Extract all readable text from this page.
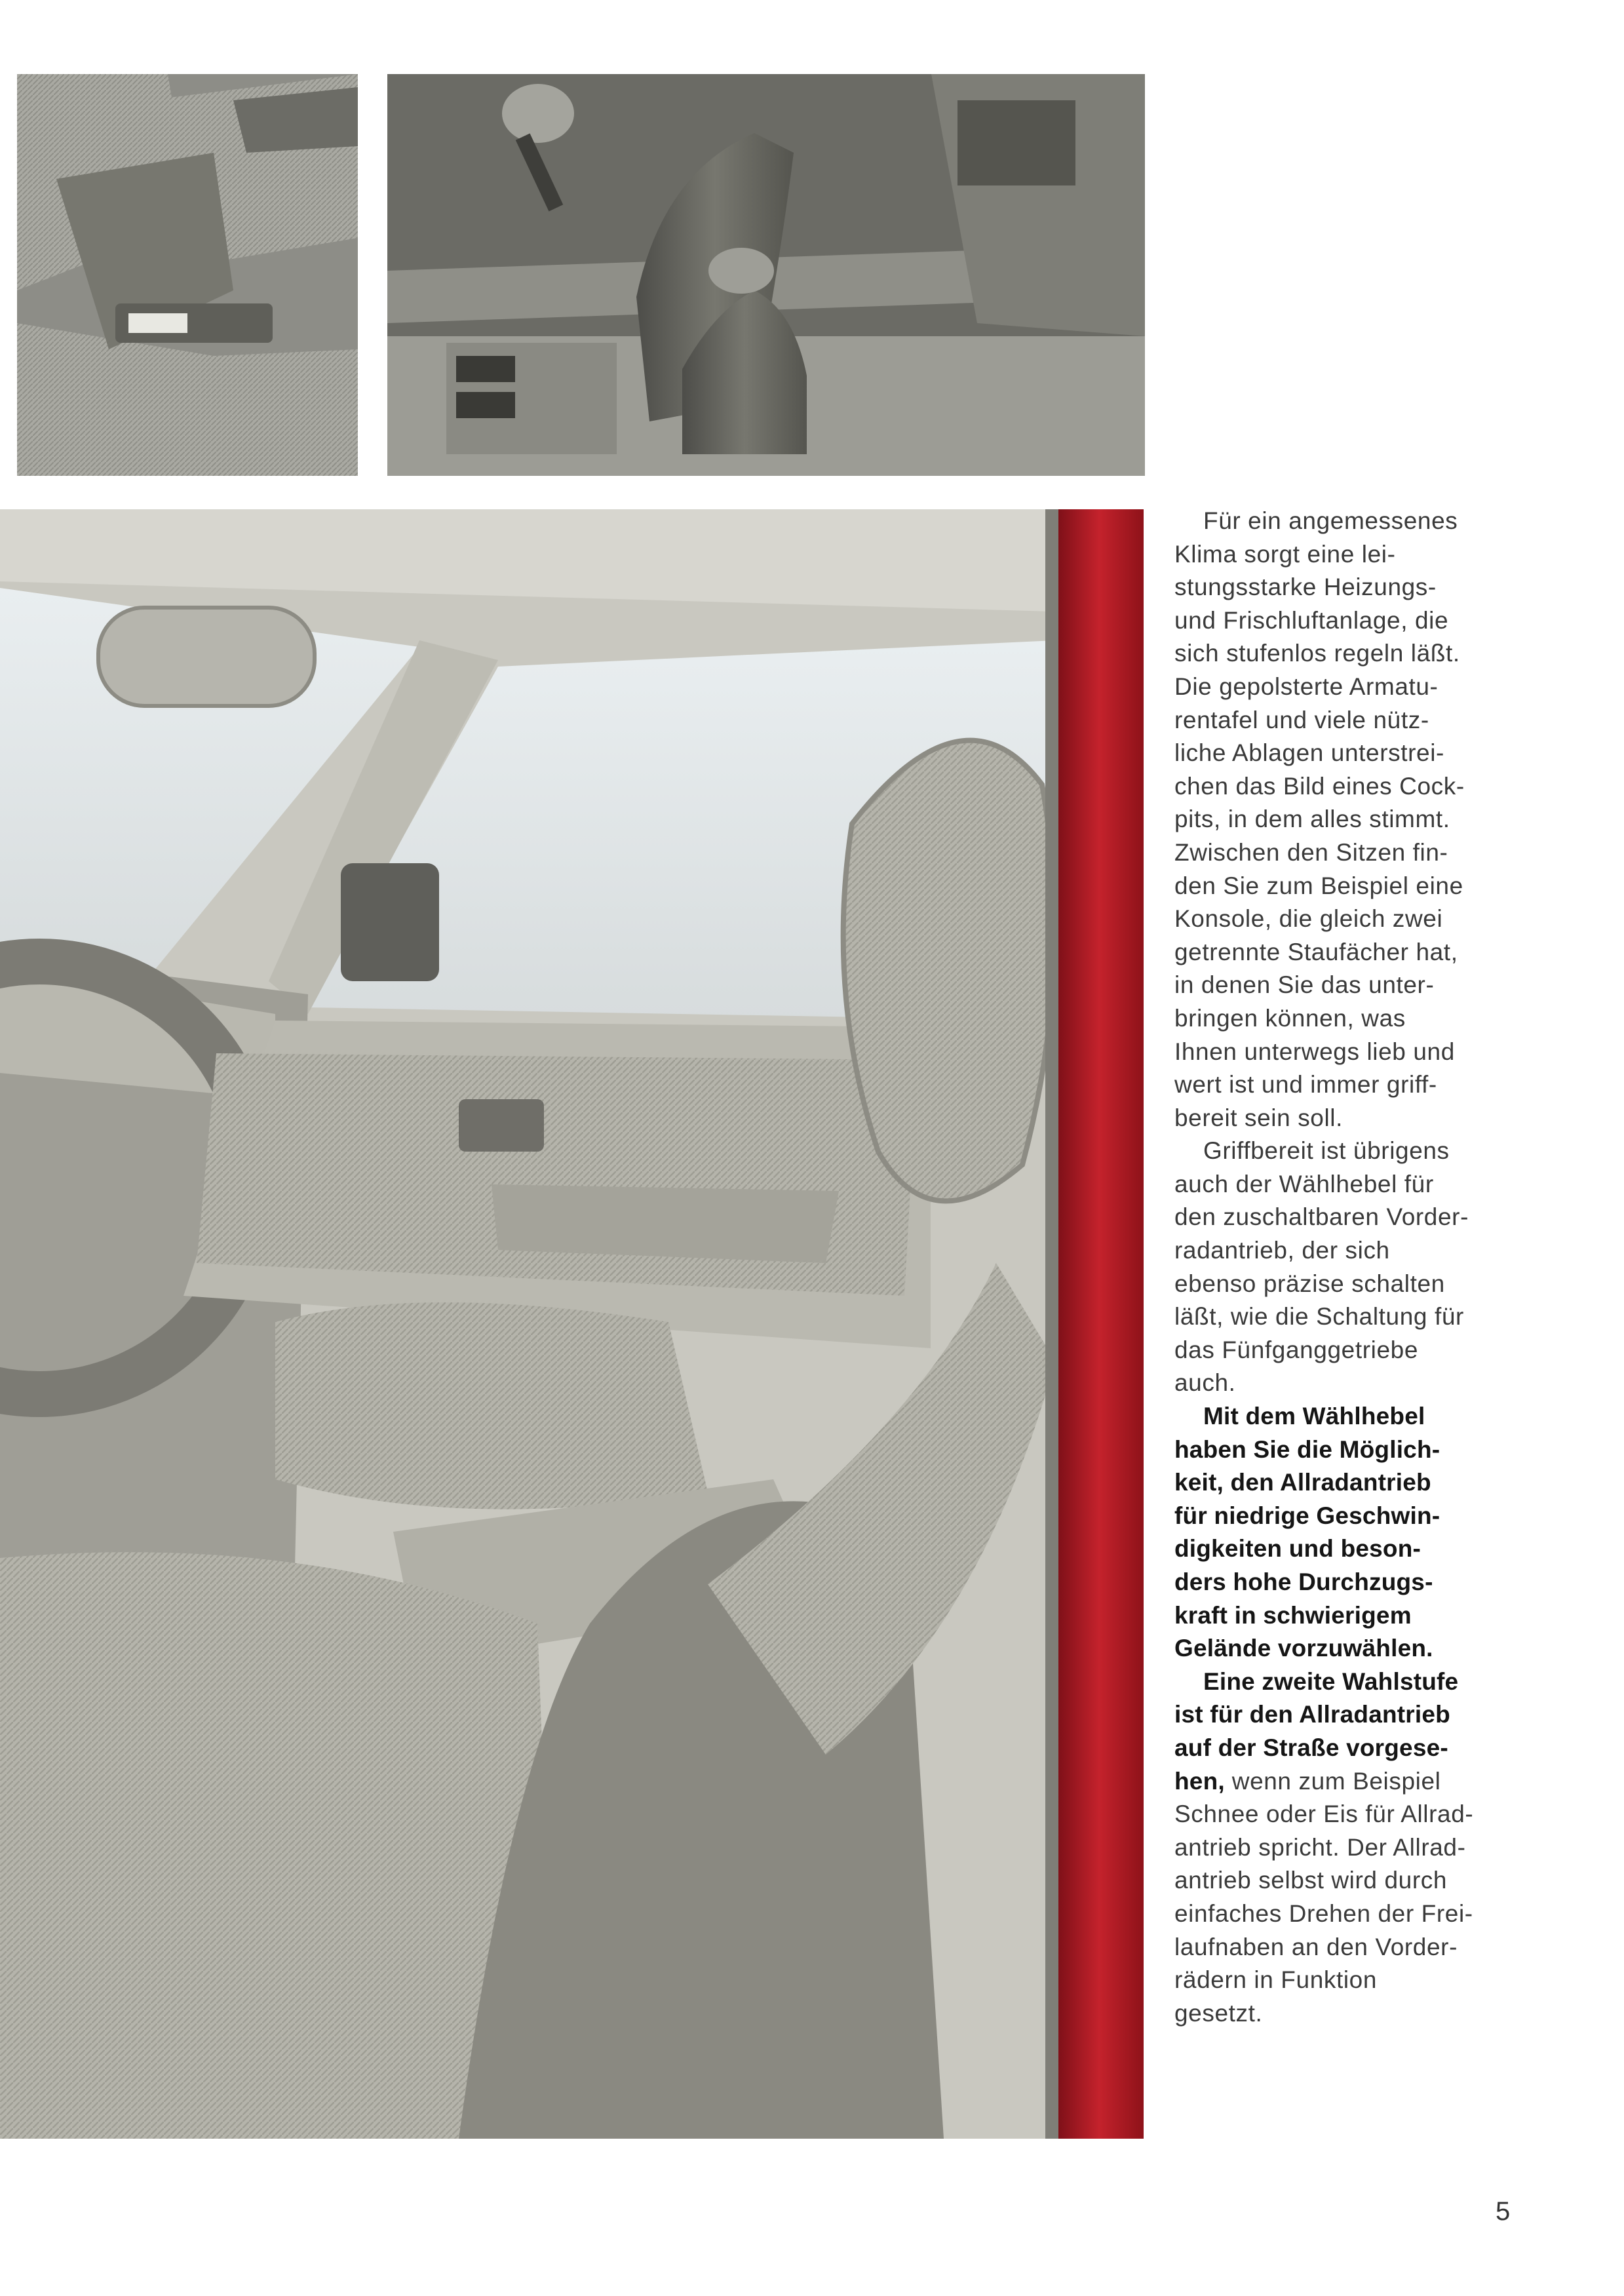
Für ein angemessenes
Klima sorgt eine lei-
stungsstarke Heizungs-
und Frischluftanlage, die
sich stufenlos regeln läßt.
Die gepolsterte Armatu-
rentafel und viele nütz-
liche Ablagen unterstrei-
chen das Bild eines Cock-
pits, in dem alles stimmt.
Zwischen den Sitzen fin-
den Sie zum Beispiel eine
Konsole, die gleich zwei
getrennte Staufächer hat,
in denen Sie das unter-
bringen können, was
Ihnen unterwegs lieb und
wert ist und immer griff-
bereit sein soll.
Griffbereit ist übrigens
auch der Wählhebel für
den zuschaltbaren Vorder-
radantrieb, der sich
ebenso präzise schalten
läßt, wie die Schaltung für
das Fünfganggetriebe
auch.
Mit dem Wählhebel
haben Sie die Möglich-
keit, den Allradantrieb
für niedrige Geschwin-
digkeiten und beson-
ders hohe Durchzugs-
kraft in schwierigem
Gelände vorzuwählen.
Eine zweite Wahlstufe
ist für den Allradantrieb
auf der Straße vorgese-
hen, wenn zum Beispiel
Schnee oder Eis für Allrad-
antrieb spricht. Der Allrad-
antrieb selbst wird durch
einfaches Drehen der Frei-
laufnaben an den Vorder-
rädern in Funktion
gesetzt.
5
